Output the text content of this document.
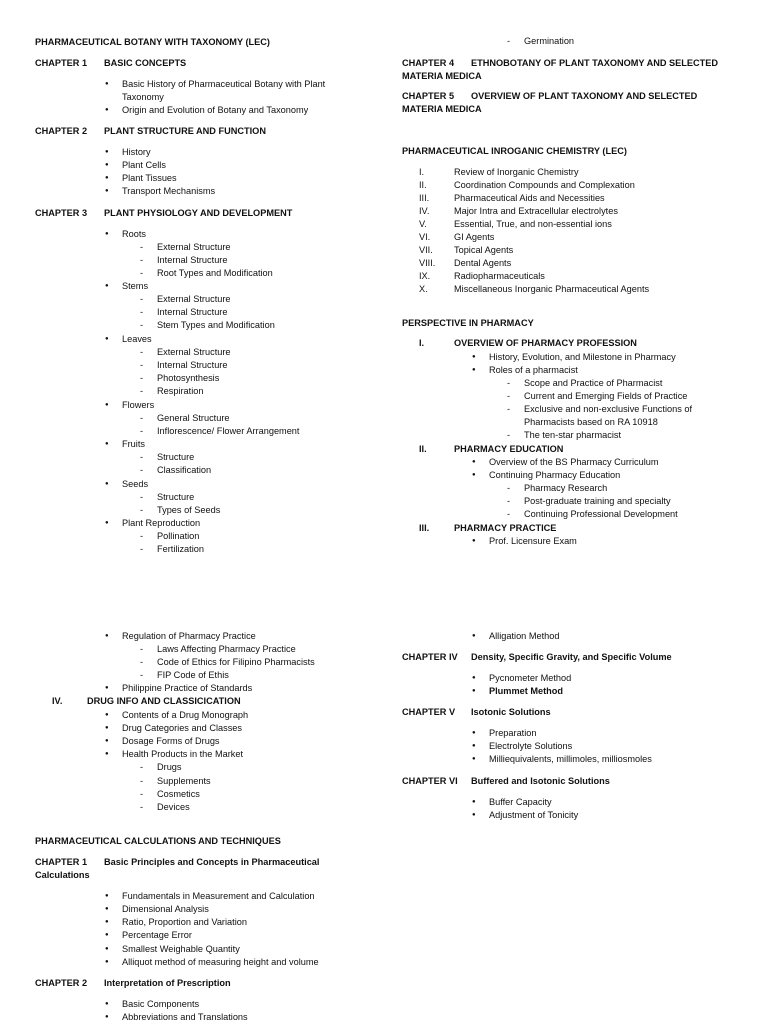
PHARMACEUTICAL BOTANY WITH TAXONOMY (LEC)
CHAPTER 1 BASIC CONCEPTS
● Basic History of Pharmaceutical Botany with Plant
Taxonomy
● Origin and Evolution of Botany and Taxonomy
CHAPTER 2 PLANT STRUCTURE AND FUNCTION
● History
● Plant Cells
● Plant Tissues
● Transport Mechanisms
CHAPTER 3 PLANT PHYSIOLOGY AND DEVELOPMENT
● Roots
- External Structure
- Internal Structure
- Root Types and Modification
● Stems
- External Structure
- Internal Structure
- Stem Types and Modification
● Leaves
- External Structure
- Internal Structure
- Photosynthesis
- Respiration
● Flowers
- General Structure
- Inflorescence/ Flower Arrangement
● Fruits
- Structure
- Classification
● Seeds
- Structure
- Types of Seeds
● Plant Reproduction
- Pollination
- Fertilization
- Germination
CHAPTER 4 ETHNOBOTANY OF PLANT TAXONOMY AND SELECTED
MATERIA MEDICA
CHAPTER 5 OVERVIEW OF PLANT TAXONOMY AND SELECTED
MATERIA MEDICA
PHARMACEUTICAL INROGANIC CHEMISTRY (LEC)
I.	Review of Inorganic Chemistry
II.	Coordination Compounds and Complexation
III.	Pharmaceutical Aids and Necessities
IV.	Major Intra and Extracellular electrolytes
V.	Essential, True, and non-essential ions
VI.	GI Agents
VII. Topical Agents
VIII. Dental Agents
IX.	Radiopharmaceuticals
X.	Miscellaneous Inorganic Pharmaceutical Agents
PERSPECTIVE IN PHARMACY
I.	OVERVIEW OF PHARMACY PROFESSION
● History, Evolution, and Milestone in Pharmacy
● Roles of a pharmacist
- Scope and Practice of Pharmacist
- Current and Emerging Fields of Practice
- Exclusive and non-exclusive Functions of
Pharmacists based on RA 10918
- The ten-star pharmacist
II.	PHARMACY EDUCATION
● Overview of the BS Pharmacy Curriculum
● Continuing Pharmacy Education
- Pharmacy Research
- Post-graduate training and specialty
- Continuing Professional Development
III.	PHARMACY PRACTICE
● Prof. Licensure Exam
● Regulation of Pharmacy Practice
- Laws Affecting Pharmacy Practice
- Code of Ethics for Filipino Pharmacists
- FIP Code of Ethis
● Philippine Practice of Standards
IV.	DRUG INFO AND CLASSICICATION
● Contents of a Drug Monograph
● Drug Categories and Classes
● Dosage Forms of Drugs
● Health Products in the Market
- Drugs
- Supplements
- Cosmetics
- Devices
PHARMACEUTICAL CALCULATIONS AND TECHNIQUES
CHAPTER 1 Basic Principles and Concepts in Pharmaceutical
Calculations
● Fundamentals in Measurement and Calculation
● Dimensional Analysis
● Ratio, Proportion and Variation
● Percentage Error
● Smallest Weighable Quantity
● Alliquot method of measuring height and volume
CHAPTER 2 Interpretation of Prescription
● Basic Components
● Abbreviations and Translations
● Alligation Method
CHAPTER IV Density, Specific Gravity, and Specific Volume
● Pycnometer Method
● Plummet Method
CHAPTER V Isotonic Solutions
● Preparation
● Electrolyte Solutions
● Milliequivalents, millimoles, milliosmoles
CHAPTER VI Buffered and Isotonic Solutions
● Buffer Capacity
● Adjustment of Tonicity
